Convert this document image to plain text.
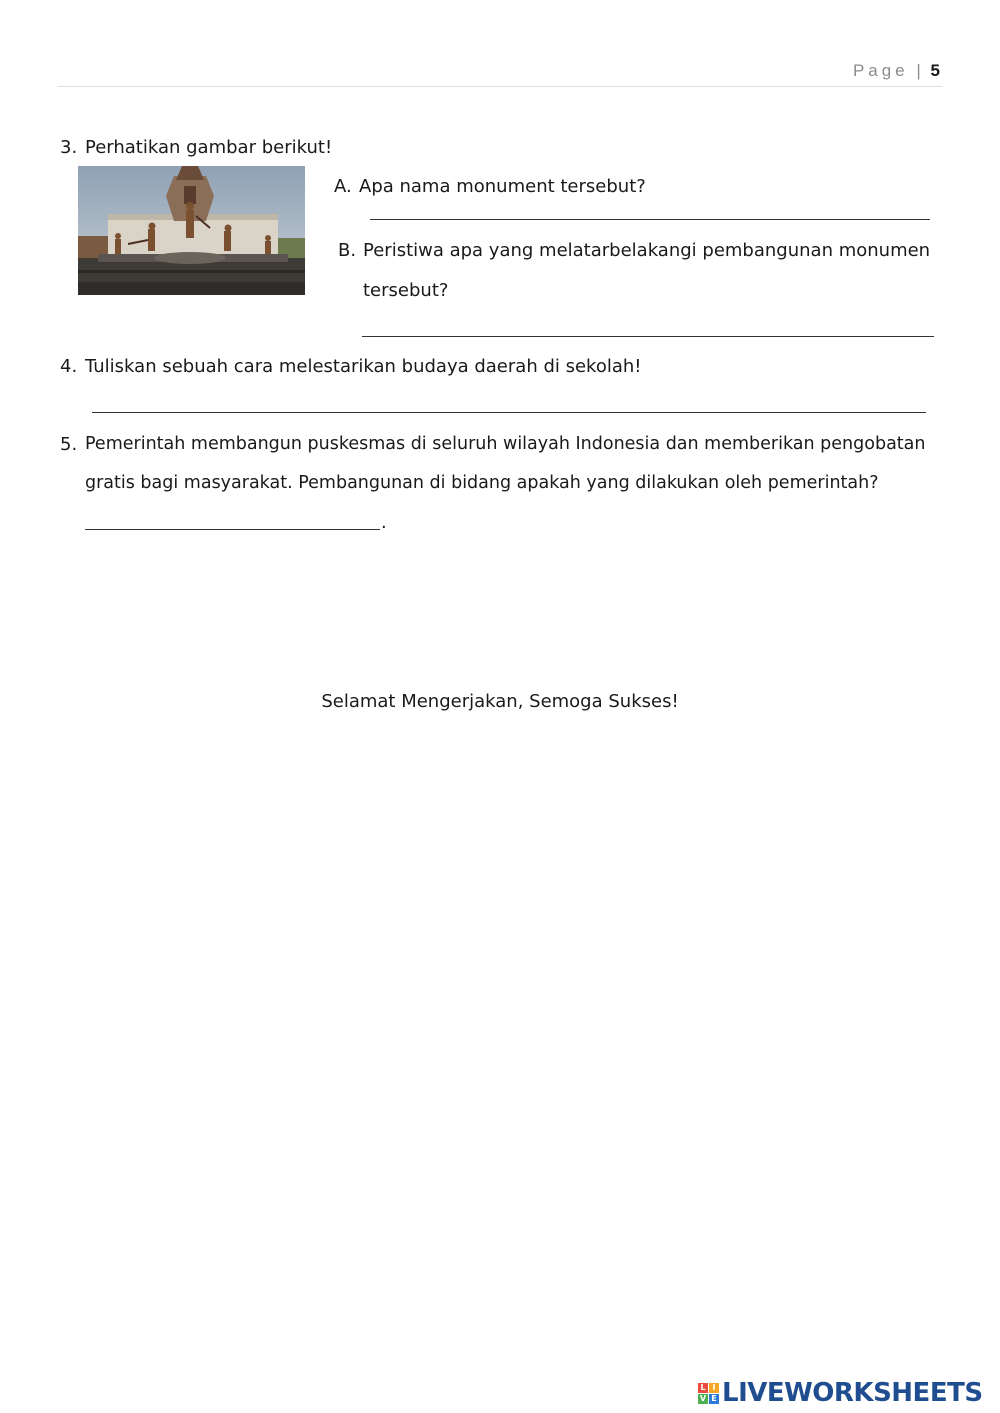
Page | 5
3. Perhatikan gambar berikut!
A. Apa nama monument tersebut?
B. Peristiwa apa yang melatarbelakangi pembangunan monumen
tersebut?
4. Tuliskan sebuah cara melestarikan budaya daerah di sekolah!
5. Pemerintah membangun puskesmas di seluruh wilayah Indonesia dan memberikan pengobatan
gratis bagi masyarakat. Pembangunan di bidang apakah yang dilakukan oleh pemerintah?
.
Selamat Mengerjakan, Semoga Sukses!
L I
V E LIVEWORKSHEETS
